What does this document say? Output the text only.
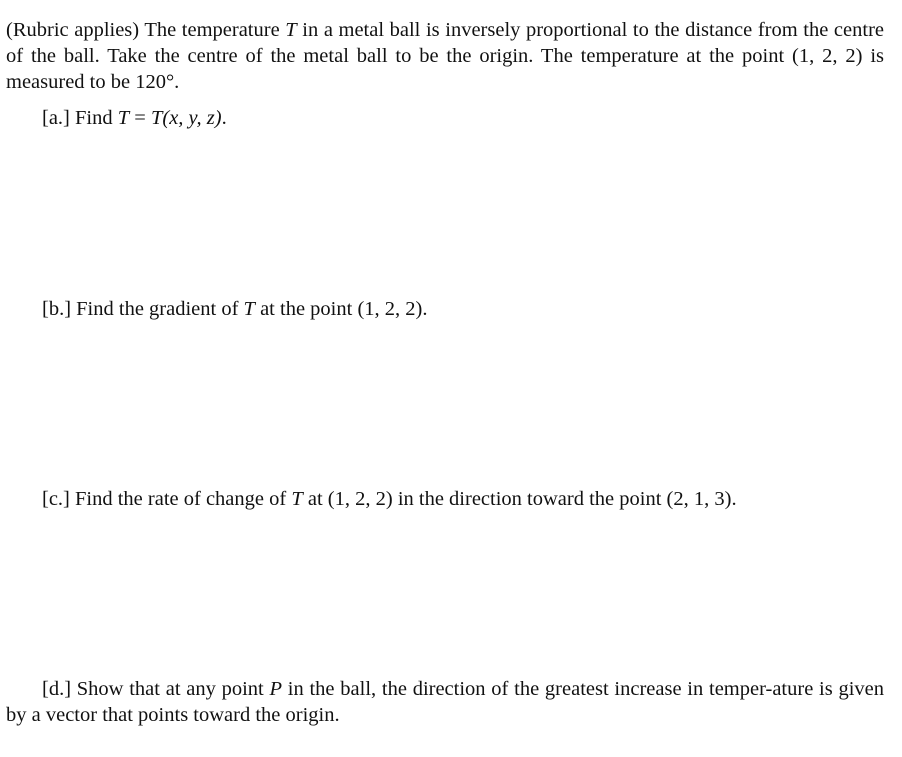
(Rubric applies) The temperature T in a metal ball is inversely proportional to the distance from the centre of the ball. Take the centre of the metal ball to be the origin. The temperature at the point (1, 2, 2) is measured to be 120°.

[a.] Find T = T(x, y, z).

[b.] Find the gradient of T at the point (1, 2, 2).

[c.] Find the rate of change of T at (1, 2, 2) in the direction toward the point (2, 1, 3).

[d.] Show that at any point P in the ball, the direction of the greatest increase in temper-ature is given by a vector that points toward the origin.
